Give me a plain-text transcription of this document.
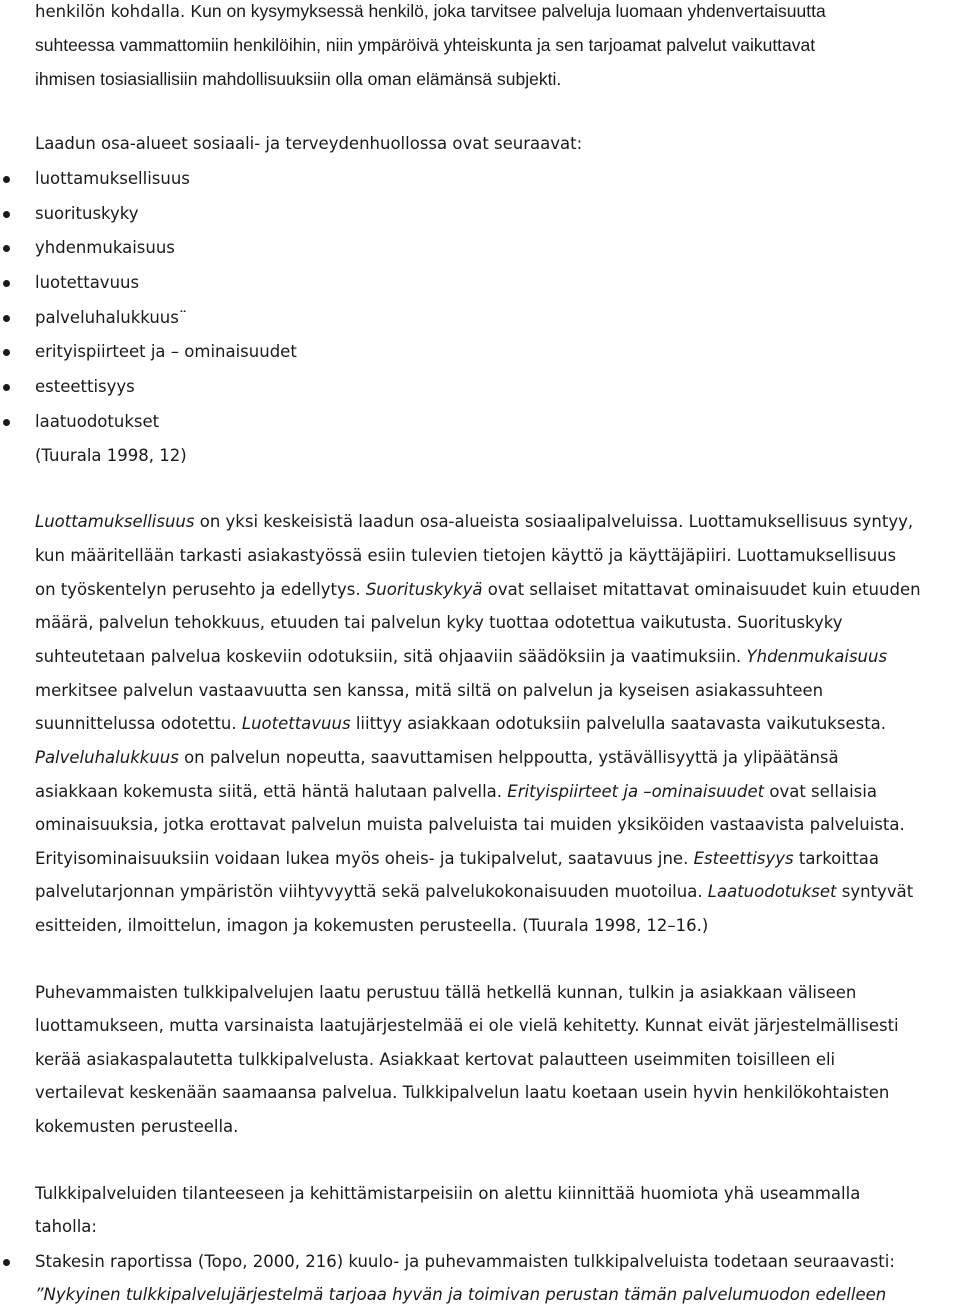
henkilön kohdalla. Kun on kysymyksessä henkilö, joka tarvitsee palveluja luomaan yhdenvertaisuutta
suhteessa vammattomiin henkilöihin, niin ympäröivä yhteiskunta ja sen tarjoamat palvelut vaikuttavat
ihmisen tosiasiallisiin mahdollisuuksiin olla oman elämänsä subjekti.
Laadun osa-alueet sosiaali- ja terveydenhuollossa ovat seuraavat:
luottamuksellisuus
suorituskyky
yhdenmukaisuus
luotettavuus
palveluhalukkuus¨
erityispiirteet ja – ominaisuudet
esteettisyys
laatuodotukset
(Tuurala 1998, 12)
Luottamuksellisuus on yksi keskeisistä laadun osa-alueista sosiaalipalveluissa. Luottamuksellisuus syntyy,
kun määritellään tarkasti asiakastyössä esiin tulevien tietojen käyttö ja käyttäjäpiiri. Luottamuksellisuus
on työskentelyn perusehto ja edellytys. Suorituskykyä ovat sellaiset mitattavat ominaisuudet kuin etuuden
määrä, palvelun tehokkuus, etuuden tai palvelun kyky tuottaa odotettua vaikutusta. Suorituskyky
suhteutetaan palvelua koskeviin odotuksiin, sitä ohjaaviin säädöksiin ja vaatimuksiin. Yhdenmukaisuus
merkitsee palvelun vastaavuutta sen kanssa, mitä siltä on palvelun ja kyseisen asiakassuhteen
suunnittelussa odotettu. Luotettavuus liittyy asiakkaan odotuksiin palvelulla saatavasta vaikutuksesta.
Palveluhalukkuus on palvelun nopeutta, saavuttamisen helppoutta, ystävällisyyttä ja ylipäätänsä
asiakkaan kokemusta siitä, että häntä halutaan palvella. Erityispiirteet ja –ominaisuudet ovat sellaisia
ominaisuuksia, jotka erottavat palvelun muista palveluista tai muiden yksiköiden vastaavista palveluista.
Erityisominaisuuksiin voidaan lukea myös oheis- ja tukipalvelut, saatavuus jne. Esteettisyys tarkoittaa
palvelutarjonnan ympäristön viihtyvyyttä sekä palvelukokonaisuuden muotoilua. Laatuodotukset syntyvät
esitteiden, ilmoittelun, imagon ja kokemusten perusteella. (Tuurala 1998, 12–16.)
Puhevammaisten tulkkipalvelujen laatu perustuu tällä hetkellä kunnan, tulkin ja asiakkaan väliseen
luottamukseen, mutta varsinaista laatujärjestelmää ei ole vielä kehitetty. Kunnat eivät järjestelmällisesti
kerää asiakaspalautetta tulkkipalvelusta. Asiakkaat kertovat palautteen useimmiten toisilleen eli
vertailevat keskenään saamaansa palvelua. Tulkkipalvelun laatu koetaan usein hyvin henkilökohtaisten
kokemusten perusteella.
Tulkkipalveluiden tilanteeseen ja kehittämistarpeisiin on alettu kiinnittää huomiota yhä useammalla
taholla:
Stakesin raportissa (Topo, 2000, 216) kuulo- ja puhevammaisten tulkkipalveluista todetaan seuraavasti:
”Nykyinen tulkkipalvelujärjestelmä tarjoaa hyvän ja toimivan perustan tämän palvelumuodon edelleen
